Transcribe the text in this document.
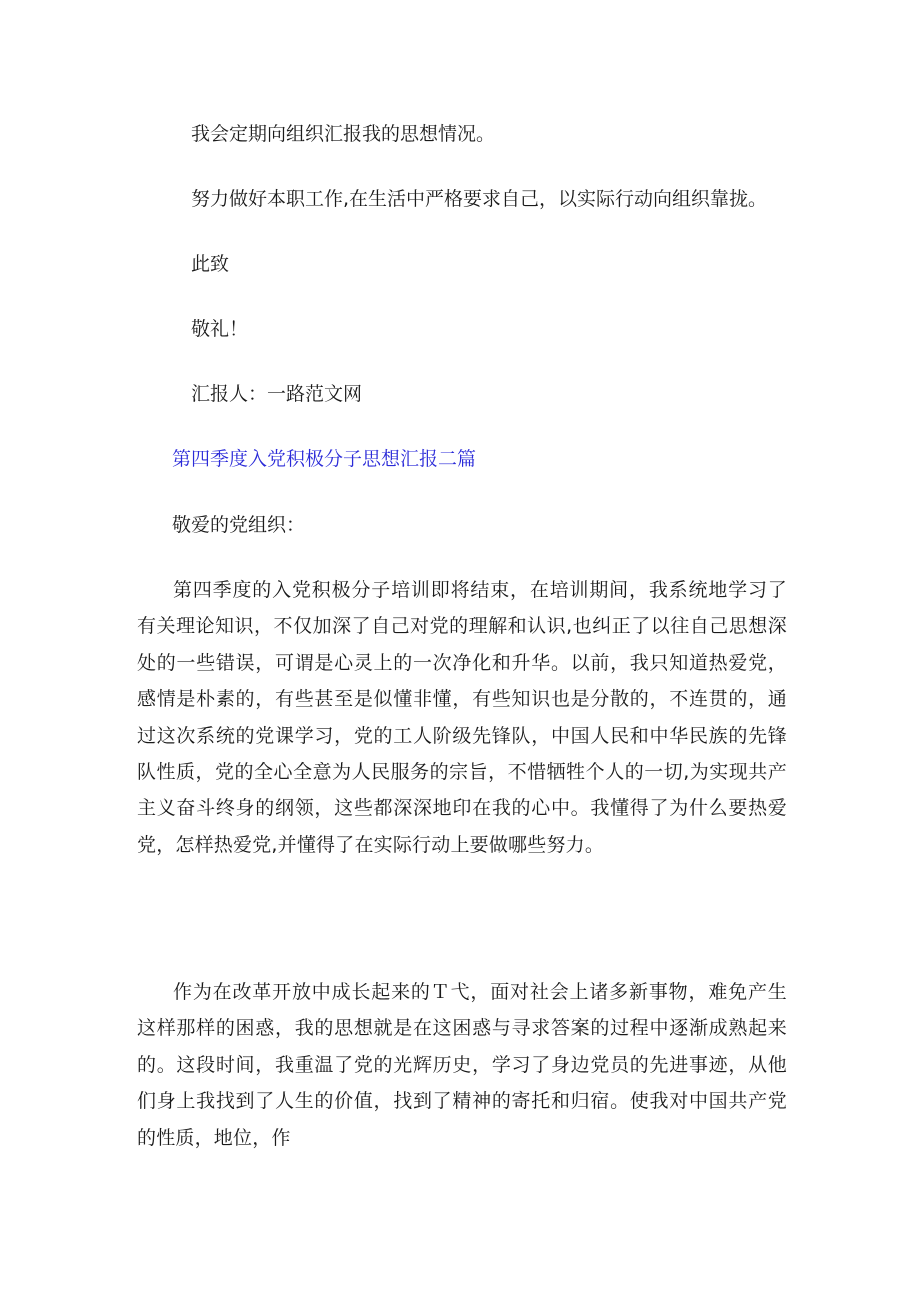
我会定期向组织汇报我的思想情况。

努力做好本职工作,在生活中严格要求自己，以实际行动向组织靠拢。

此致

敬礼！

汇报人：一路范文网

第四季度入党积极分子思想汇报二篇

敬爱的党组织：

第四季度的入党积极分子培训即将结束，在培训期间，我系统地学习了有关理论知识，不仅加深了自己对党的理解和认识,也纠正了以往自己思想深处的一些错误，可谓是心灵上的一次净化和升华。以前，我只知道热爱党，感情是朴素的，有些甚至是似懂非懂，有些知识也是分散的，不连贯的，通过这次系统的党课学习，党的工人阶级先锋队，中国人民和中华民族的先锋队性质，党的全心全意为人民服务的宗旨，不惜牺牲个人的一切,为实现共产主义奋斗终身的纲领，这些都深深地印在我的心中。我懂得了为什么要热爱党，怎样热爱党,并懂得了在实际行动上要做哪些努力。

作为在改革开放中成长起来的Ｔ弋，面对社会上诸多新事物，难免产生这样那样的困惑，我的思想就是在这困惑与寻求答案的过程中逐渐成熟起来的。这段时间，我重温了党的光辉历史，学习了身边党员的先进事迹，从他们身上我找到了人生的价值，找到了精神的寄托和归宿。使我对中国共产党的性质，地位，作
